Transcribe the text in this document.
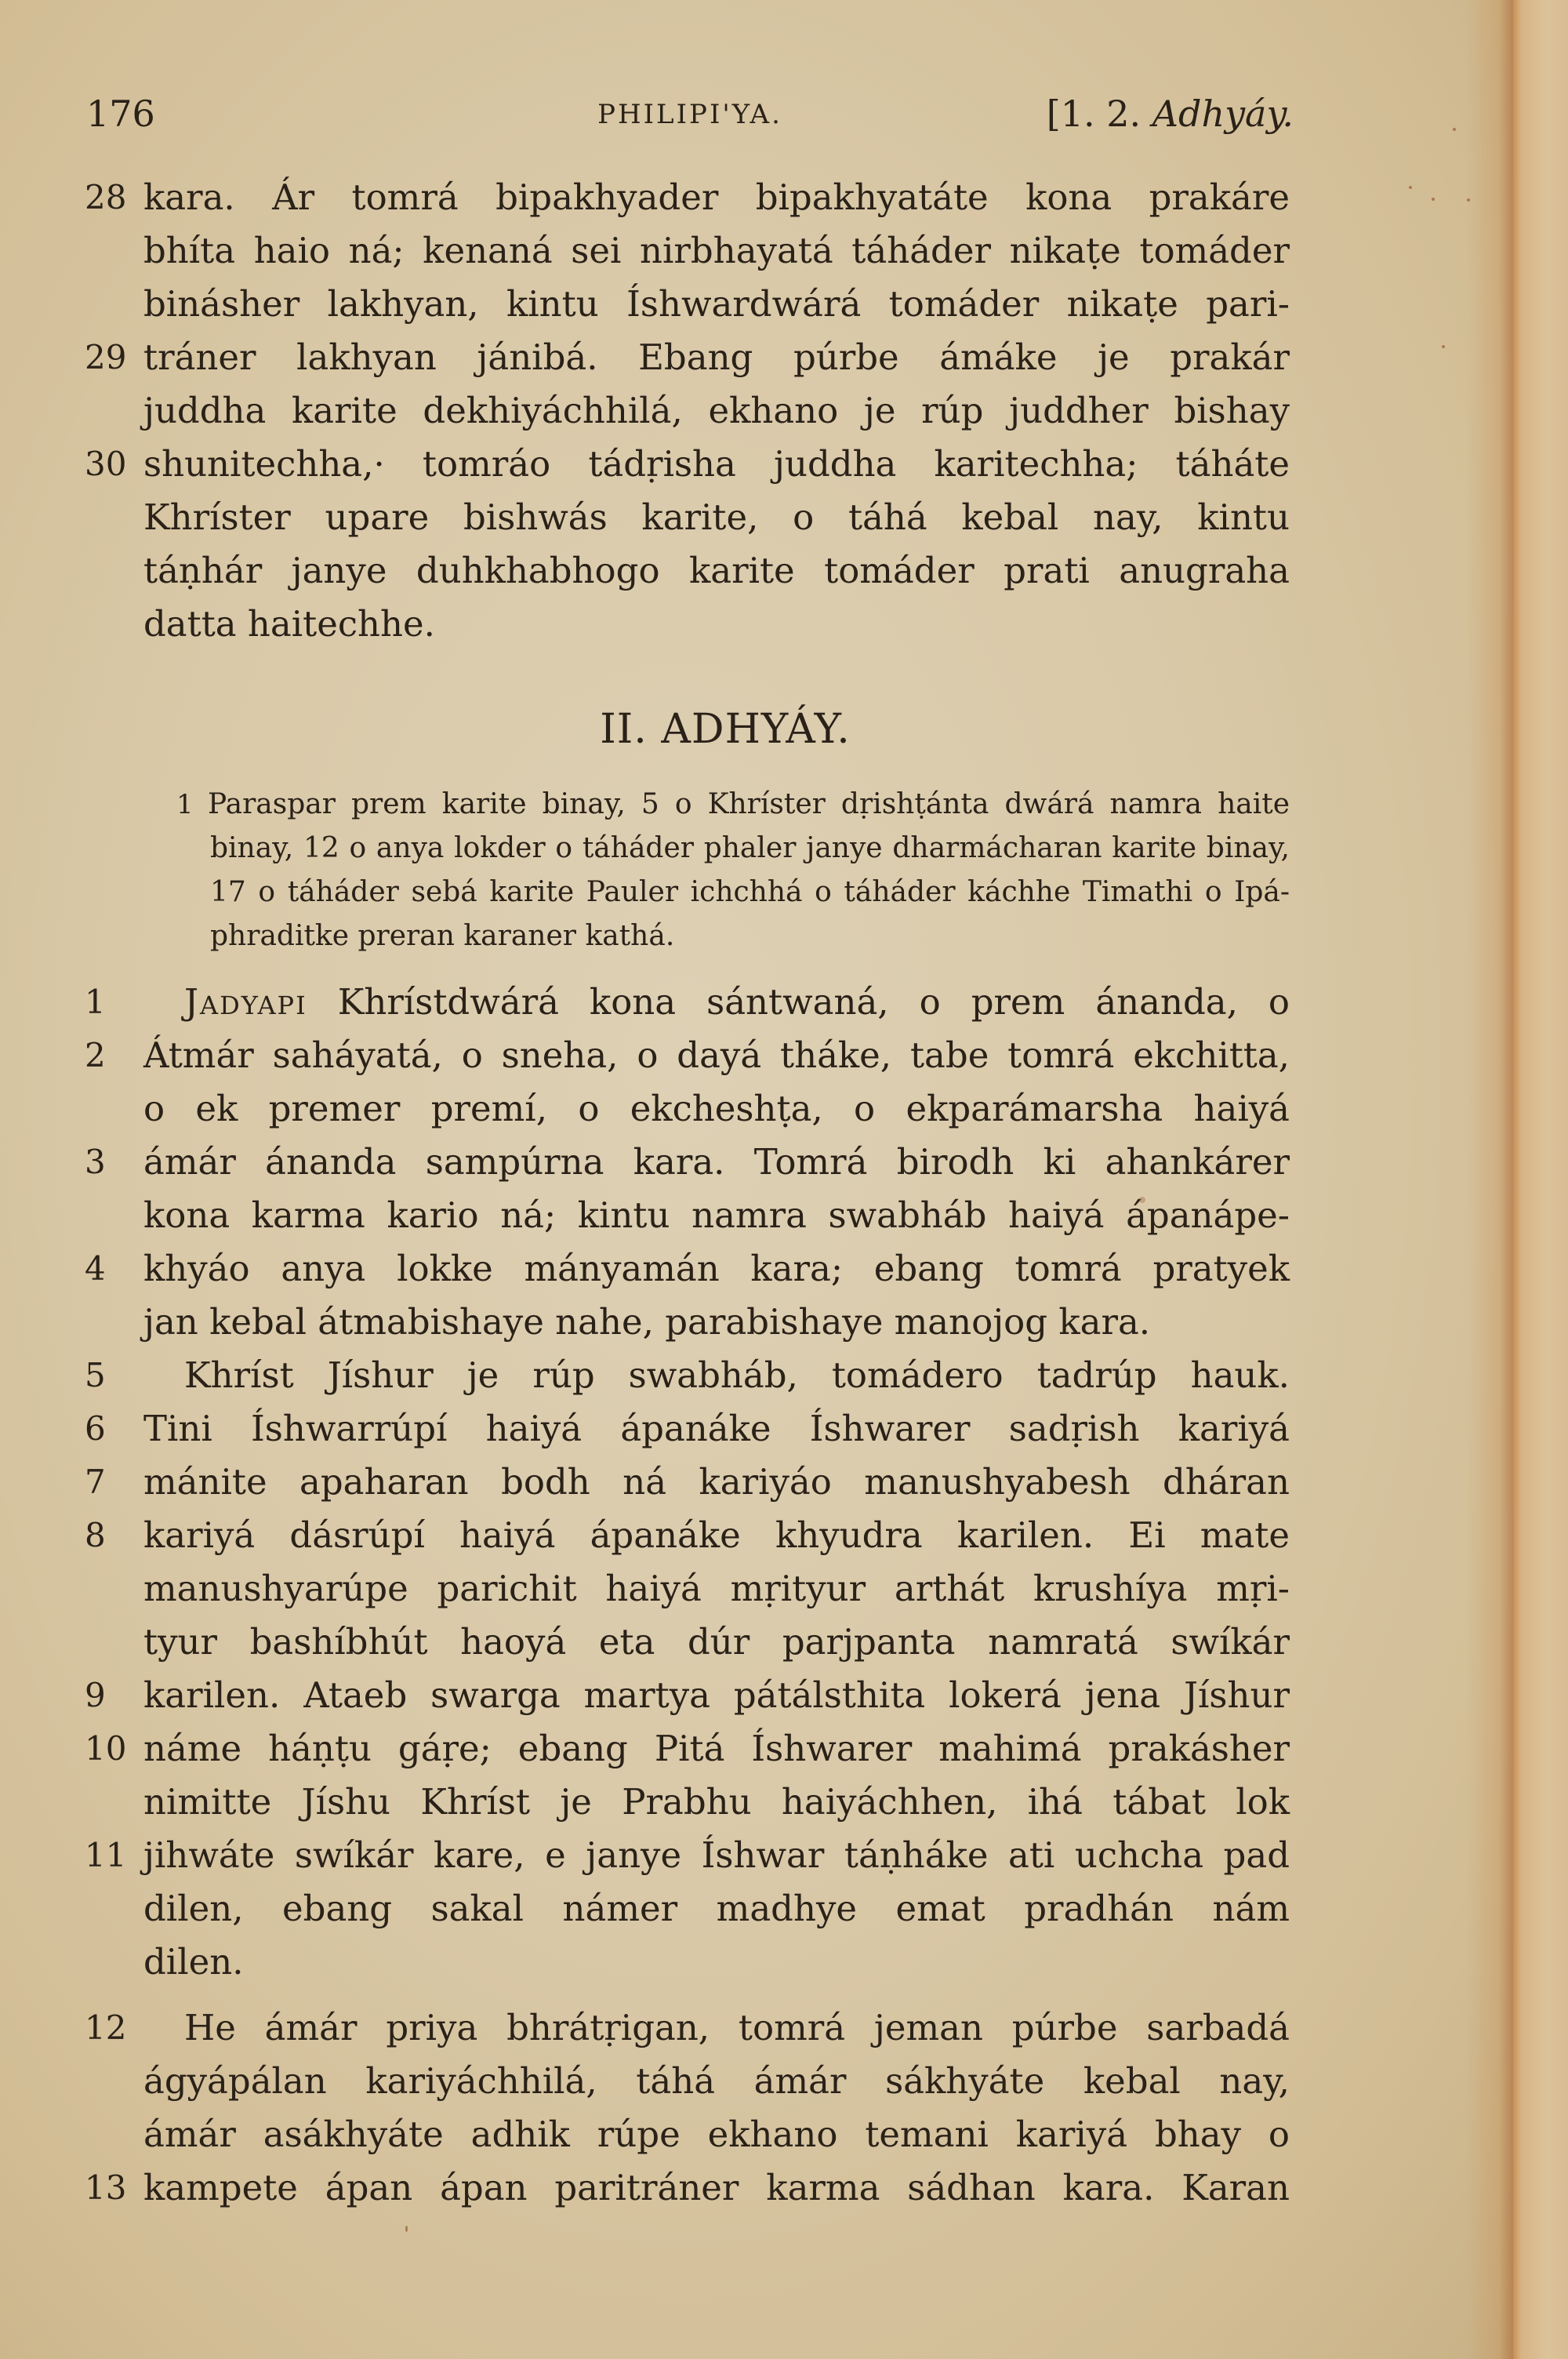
176	PHILIPI'YA.	[1. 2. Adhyáy.
28 kara. Ár tomrá bipakhyader bipakhyatáte kona prakáre
bhíta haio ná; kenaná sei nirbhayatá táháder nikaṭe tomáder
binásher lakhyan, kintu Íshwardwárá tomáder nikaṭe pari-
29 tráner lakhyan jánibá. Ebang púrbe ámáke je prakár
juddha karite dekhiyáchhilá, ekhano je rúp juddher bishay
30 shunitechha,· tomráo tádṛisha juddha karitechha; táháte
Khríster upare bishwás karite, o táhá kebal nay, kintu
táṇhár janye duhkhabhogo karite tomáder prati anugraha
datta haitechhe.
II. ADHYÁY.
1 Paraspar prem karite binay, 5 o Khríster dṛishṭánta dwárá namra haite
binay, 12 o anya lokder o táháder phaler janye dharmácharan karite binay,
17 o táháder sebá karite Pauler ichchhá o táháder káchhe Timathi o Ipá-
phraditke preran karaner kathá.
1	Jadyapi Khrístdwárá kona sántwaná, o prem ánanda, o
2	Átmár saháyatá, o sneha, o dayá tháke, tabe tomrá ekchitta,
o ek premer premí, o ekcheshṭa, o ekparámarsha haiyá
3	ámár ánanda sampúrna kara. Tomrá birodh ki ahankárer
kona karma kario ná; kintu namra swabháb haiyá ápanápe-
4	khyáo anya lokke mányamán kara; ebang tomrá pratyek
jan kebal átmabishaye nahe, parabishaye manojog kara.
5	Khríst Jíshur je rúp swabháb, tomádero tadrúp hauk.
6	Tini Íshwarrúpí haiyá ápanáke Íshwarer sadṛish kariyá
7	mánite apaharan bodh ná kariyáo manushyabesh dháran
8	kariyá dásrúpí haiyá ápanáke khyudra karilen. Ei mate
manushyarúpe parichit haiyá mṛityur arthát krushíya mṛi-
tyur bashíbhút haoyá eta dúr parjpanta namratá swíkár
9	karilen. Ataeb swarga martya pátálsthita lokerá jena Jíshur
10 náme háṇṭu gáṛe; ebang Pitá Íshwarer mahimá prakásher
nimitte Jíshu Khríst je Prabhu haiyáchhen, ihá tábat lok
11 jihwáte swíkár kare, e janye Íshwar táṇháke ati uchcha pad
dilen, ebang sakal námer madhye emat pradhán nám
dilen.
12	He ámár priya bhrátṛigan, tomrá jeman púrbe sarbadá
ágyápálan kariyáchhilá, táhá ámár sákhyáte kebal nay,
ámár asákhyáte adhik rúpe ekhano temani kariyá bhay o
13 kampete ápan ápan paritráner karma sádhan kara. Karan
